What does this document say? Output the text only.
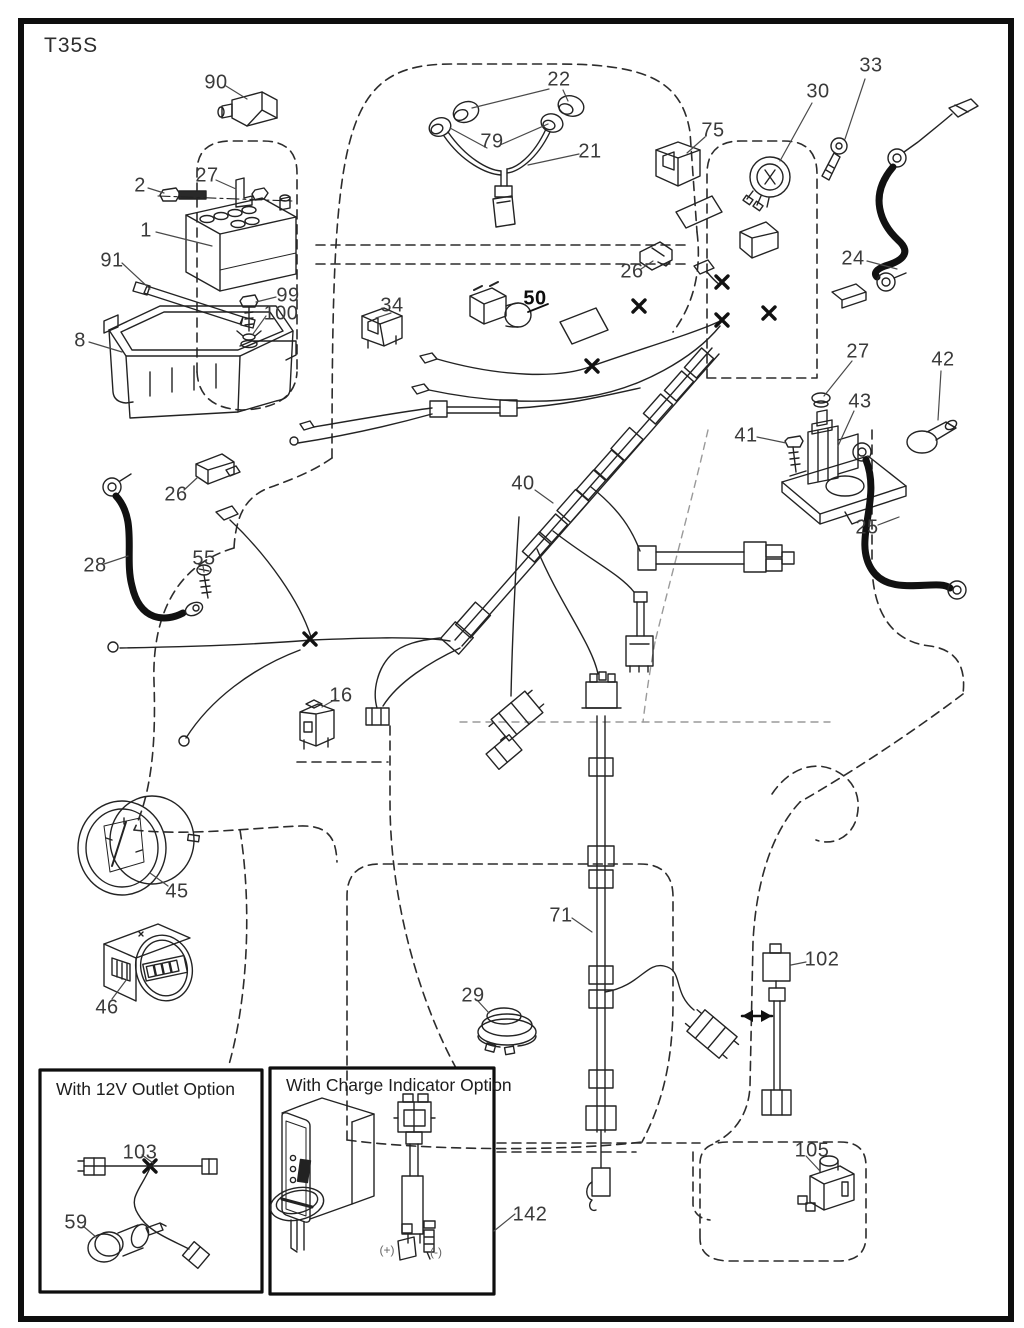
T35S
With 12V Outlet Option	With Charge Indicator Option
(+)	(-)
90
2 27
1
91
99
100
8
22
79	21
75
30
33
24
26
34	50
27	42
43
41
25
40
26
28	55
16
45
46
29
71
102
105
142
103
59
